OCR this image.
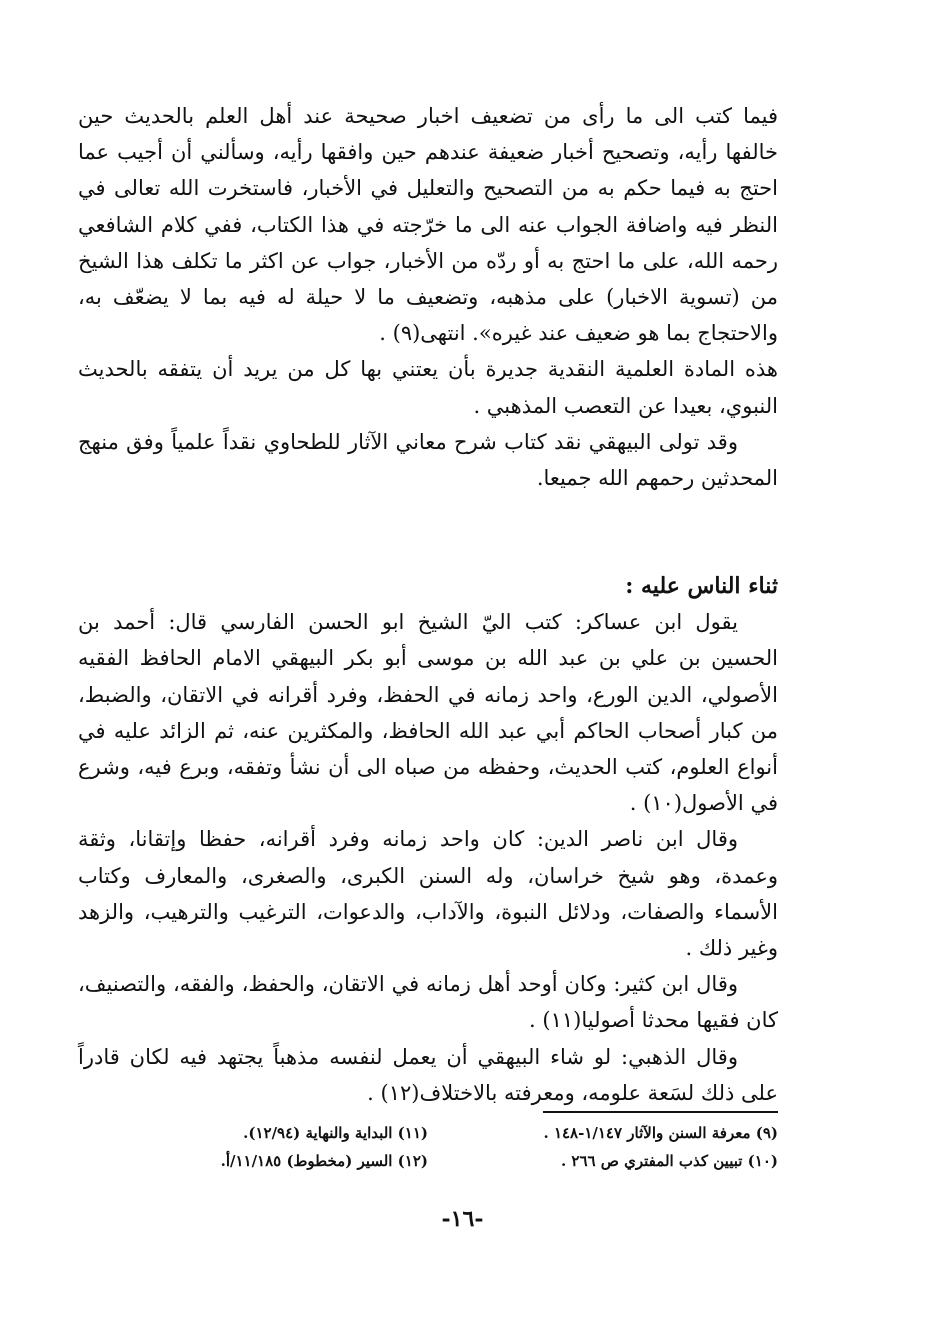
فيما كتب الى ما رأى من تضعيف اخبار صحيحة عند أهل العلم بالحديث حين خالفها رأيه، وتصحيح أخبار ضعيفة عندهم حين وافقها رأيه، وسألني أن أجيب عما احتج به فيما حكم به من التصحيح والتعليل في الأخبار، فاستخرت الله تعالى في النظر فيه واضافة الجواب عنه الى ما خرّجته في هذا الكتاب، ففي كلام الشافعي رحمه الله، على ما احتج به أو ردّه من الأخبار، جواب عن اكثر ما تكلف هذا الشيخ من (تسوية الاخبار) على مذهبه، وتضعيف ما لا حيلة له فيه بما لا يضعّف به، والاحتجاج بما هو ضعيف عند غيره». انتهى(٩) .

هذه المادة العلمية النقدية جديرة بأن يعتني بها كل من يريد أن يتفقه بالحديث النبوي، بعيدا عن التعصب المذهبي .

وقد تولى البيهقي نقد كتاب شرح معاني الآثار للطحاوي نقداً علمياً وفق منهج المحدثين رحمهم الله جميعا.

ثناء الناس عليه :

يقول ابن عساكر: كتب اليّ الشيخ ابو الحسن الفارسي قال: أحمد بن الحسين بن علي بن عبد الله بن موسى أبو بكر البيهقي الامام الحافظ الفقيه الأصولي، الدين الورع، واحد زمانه في الحفظ، وفرد أقرانه في الاتقان، والضبط، من كبار أصحاب الحاكم أبي عبد الله الحافظ، والمكثرين عنه، ثم الزائد عليه في أنواع العلوم، كتب الحديث، وحفظه من صباه الى أن نشأ وتفقه، وبرع فيه، وشرع في الأصول(١٠) .

وقال ابن ناصر الدين: كان واحد زمانه وفرد أقرانه، حفظا وإتقانا، وثقة وعمدة، وهو شيخ خراسان، وله السنن الكبرى، والصغرى، والمعارف وكتاب الأسماء والصفات، ودلائل النبوة، والآداب، والدعوات، الترغيب والترهيب، والزهد وغير ذلك .

وقال ابن كثير: وكان أوحد أهل زمانه في الاتقان، والحفظ، والفقه، والتصنيف، كان فقيها محدثا أصوليا(١١) .

وقال الذهبي: لو شاء البيهقي أن يعمل لنفسه مذهباً يجتهد فيه لكان قادراً على ذلك لسَعة علومه، ومعرفته بالاختلاف(١٢) .

(٩) معرفة السنن والآثار ١/١٤٧-١٤٨ .
(١١) البداية والنهاية (١٢/٩٤).
(١٠) تبيين كذب المفتري ص ٢٦٦ .
(١٢) السير (مخطوط) ١١/١٨٥/أ.
-١٦-
